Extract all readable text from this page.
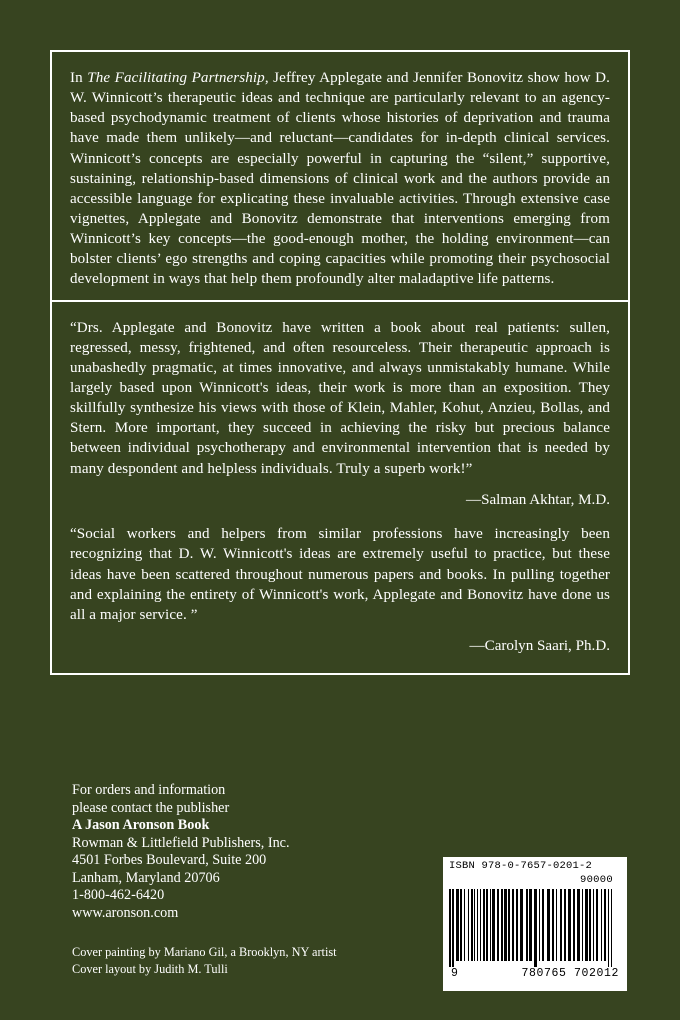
In The Facilitating Partnership, Jeffrey Applegate and Jennifer Bonovitz show how D. W. Winnicott’s therapeutic ideas and technique are particularly relevant to an agency-based psychodynamic treatment of clients whose histories of deprivation and trauma have made them unlikely—and reluctant—candidates for in-depth clinical services. Winnicott’s concepts are especially powerful in capturing the “silent,” supportive, sustaining, relationship-based dimensions of clinical work and the authors provide an accessible language for explicating these invaluable activities. Through extensive case vignettes, Applegate and Bonovitz demonstrate that interventions emerging from Winnicott’s key concepts—the good-enough mother, the holding environment—can bolster clients’ ego strengths and coping capacities while promoting their psychosocial development in ways that help them profoundly alter maladaptive life patterns.

“Drs. Applegate and Bonovitz have written a book about real patients: sullen, regressed, messy, frightened, and often resourceless. Their therapeutic approach is unabashedly pragmatic, at times innovative, and always unmistakably humane. While largely based upon Winnicott's ideas, their work is more than an exposition. They skillfully synthesize his views with those of Klein, Mahler, Kohut, Anzieu, Bollas, and Stern. More important, they succeed in achieving the risky but precious balance between individual psychotherapy and environmental intervention that is needed by many despondent and helpless individuals. Truly a superb work!”

—Salman Akhtar, M.D.

“Social workers and helpers from similar professions have increasingly been recognizing that D. W. Winnicott's ideas are extremely useful to practice, but these ideas have been scattered throughout numerous papers and books. In pulling together and explaining the entirety of Winnicott's work, Applegate and Bonovitz have done us all a major service. ”

—Carolyn Saari, Ph.D.
For orders and information
please contact the publisher
A Jason Aronson Book
Rowman & Littlefield Publishers, Inc.
4501 Forbes Boulevard, Suite 200
Lanham, Maryland 20706
1-800-462-6420
www.aronson.com
Cover painting by Mariano Gil, a Brooklyn, NY artist
Cover layout by Judith M. Tulli
ISBN 978-0-7657-0201-2
90000
9	780765 702012
